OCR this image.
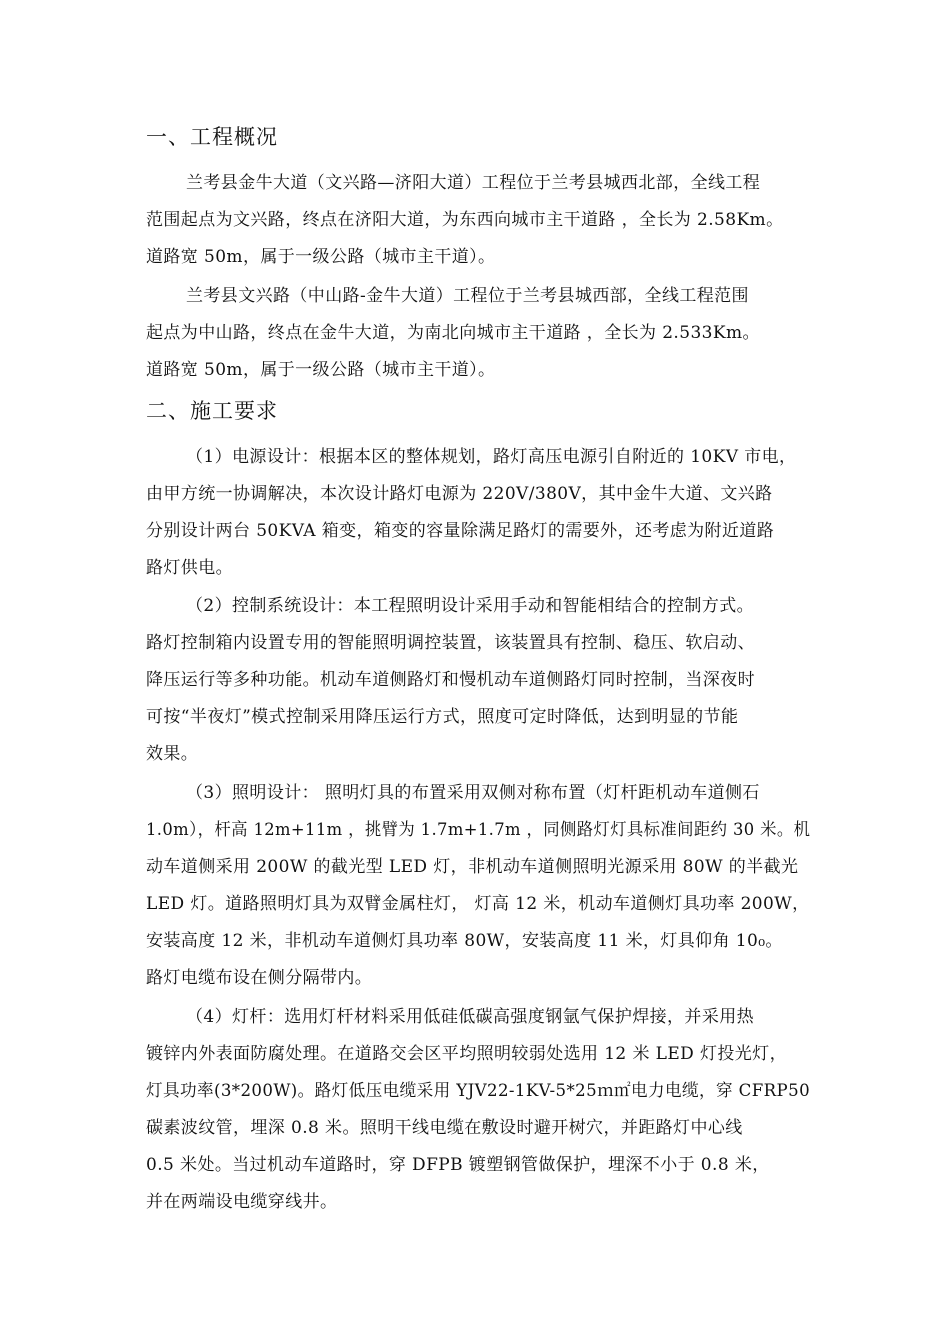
一、工程概况
兰考县金牛大道（文兴路—济阳大道）工程位于兰考县城西北部，全线工程
范围起点为文兴路，终点在济阳大道，为东西向城市主干道路 ，全长为 2.58Km。
道路宽 50m，属于一级公路（城市主干道）。
兰考县文兴路（中山路-金牛大道）工程位于兰考县城西部，全线工程范围
起点为中山路，终点在金牛大道，为南北向城市主干道路 ，全长为 2.533Km。
道路宽 50m，属于一级公路（城市主干道）。
二、施工要求
（1）电源设计：根据本区的整体规划，路灯高压电源引自附近的 10KV 市电，
由甲方统一协调解决，本次设计路灯电源为 220V/380V，其中金牛大道、文兴路
分别设计两台 50KVA 箱变，箱变的容量除满足路灯的需要外，还考虑为附近道路
路灯供电。
（2）控制系统设计：本工程照明设计采用手动和智能相结合的控制方式。
路灯控制箱内设置专用的智能照明调控装置，该装置具有控制、稳压、软启动、
降压运行等多种功能。机动车道侧路灯和慢机动车道侧路灯同时控制，当深夜时
可按“半夜灯”模式控制采用降压运行方式，照度可定时降低，达到明显的节能
效果。
（3）照明设计： 照明灯具的布置采用双侧对称布置（灯杆距机动车道侧石
1.0m），杆高 12m+11m ，挑臂为 1.7m+1.7m ，同侧路灯灯具标准间距约 30 米。机
动车道侧采用 200W 的截光型 LED 灯，非机动车道侧照明光源采用 80W 的半截光
LED 灯。道路照明灯具为双臂金属柱灯， 灯高 12 米，机动车道侧灯具功率 200W，
安装高度 12 米，非机动车道侧灯具功率 80W，安装高度 11 米，灯具仰角 10₀。
路灯电缆布设在侧分隔带内。
（4）灯杆：选用灯杆材料采用低硅低碳高强度钢氩气保护焊接，并采用热
镀锌内外表面防腐处理。在道路交会区平均照明较弱处选用 12 米 LED 灯投光灯，
灯具功率(3*200W)。路灯低压电缆采用 YJV22-1KV-5*25ｍ㎡电力电缆，穿 CFRP50
碳素波纹管，埋深 0.8 米。照明干线电缆在敷设时避开树穴，并距路灯中心线
0.5 米处。当过机动车道路时，穿 DFPB 镀塑钢管做保护，埋深不小于 0.8 米，
并在两端设电缆穿线井。
